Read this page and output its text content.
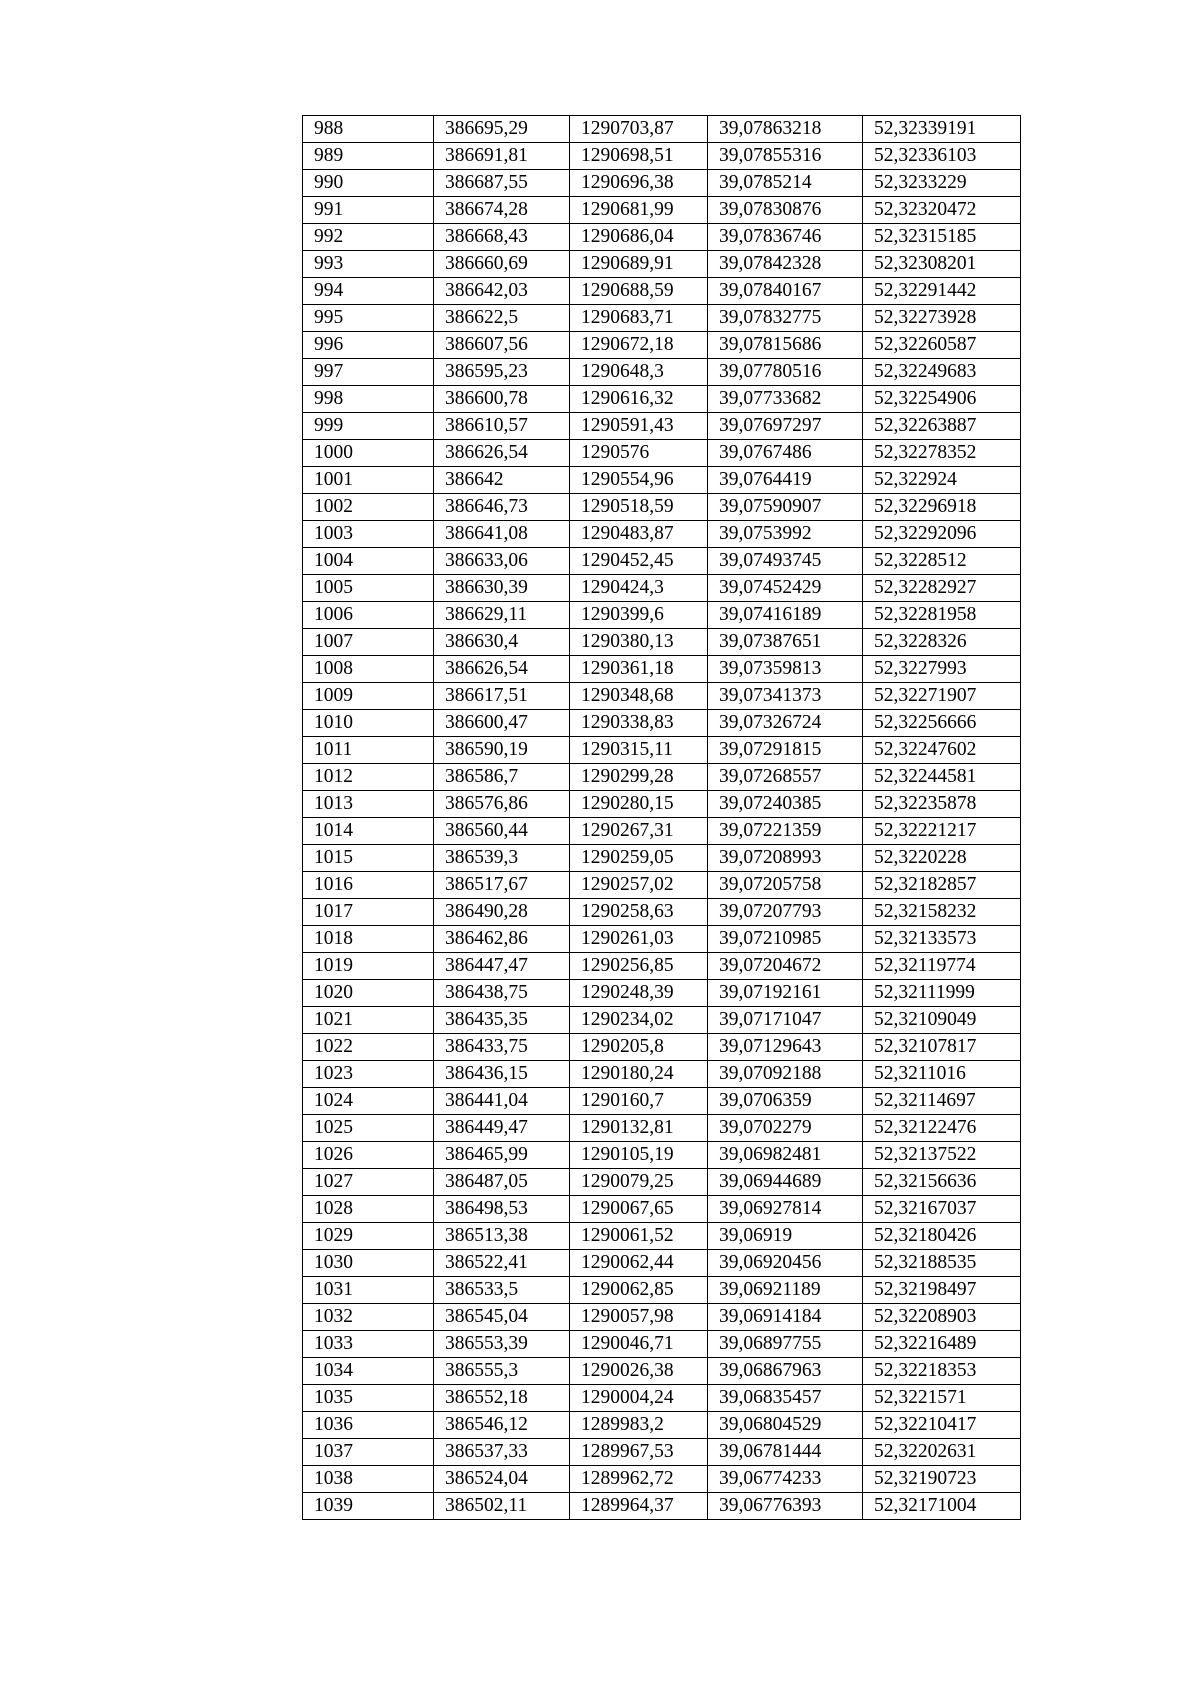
988	386695,29	1290703,87	39,07863218	52,32339191
989	386691,81	1290698,51	39,07855316	52,32336103
990	386687,55	1290696,38	39,0785214	52,3233229
991	386674,28	1290681,99	39,07830876	52,32320472
992	386668,43	1290686,04	39,07836746	52,32315185
993	386660,69	1290689,91	39,07842328	52,32308201
994	386642,03	1290688,59	39,07840167	52,32291442
995	386622,5	1290683,71	39,07832775	52,32273928
996	386607,56	1290672,18	39,07815686	52,32260587
997	386595,23	1290648,3	39,07780516	52,32249683
998	386600,78	1290616,32	39,07733682	52,32254906
999	386610,57	1290591,43	39,07697297	52,32263887
1000	386626,54	1290576	39,0767486	52,32278352
1001	386642	1290554,96	39,0764419	52,322924
1002	386646,73	1290518,59	39,07590907	52,32296918
1003	386641,08	1290483,87	39,0753992	52,32292096
1004	386633,06	1290452,45	39,07493745	52,3228512
1005	386630,39	1290424,3	39,07452429	52,32282927
1006	386629,11	1290399,6	39,07416189	52,32281958
1007	386630,4	1290380,13	39,07387651	52,3228326
1008	386626,54	1290361,18	39,07359813	52,3227993
1009	386617,51	1290348,68	39,07341373	52,32271907
1010	386600,47	1290338,83	39,07326724	52,32256666
1011	386590,19	1290315,11	39,07291815	52,32247602
1012	386586,7	1290299,28	39,07268557	52,32244581
1013	386576,86	1290280,15	39,07240385	52,32235878
1014	386560,44	1290267,31	39,07221359	52,32221217
1015	386539,3	1290259,05	39,07208993	52,3220228
1016	386517,67	1290257,02	39,07205758	52,32182857
1017	386490,28	1290258,63	39,07207793	52,32158232
1018	386462,86	1290261,03	39,07210985	52,32133573
1019	386447,47	1290256,85	39,07204672	52,32119774
1020	386438,75	1290248,39	39,07192161	52,32111999
1021	386435,35	1290234,02	39,07171047	52,32109049
1022	386433,75	1290205,8	39,07129643	52,32107817
1023	386436,15	1290180,24	39,07092188	52,3211016
1024	386441,04	1290160,7	39,0706359	52,32114697
1025	386449,47	1290132,81	39,0702279	52,32122476
1026	386465,99	1290105,19	39,06982481	52,32137522
1027	386487,05	1290079,25	39,06944689	52,32156636
1028	386498,53	1290067,65	39,06927814	52,32167037
1029	386513,38	1290061,52	39,06919	52,32180426
1030	386522,41	1290062,44	39,06920456	52,32188535
1031	386533,5	1290062,85	39,06921189	52,32198497
1032	386545,04	1290057,98	39,06914184	52,32208903
1033	386553,39	1290046,71	39,06897755	52,32216489
1034	386555,3	1290026,38	39,06867963	52,32218353
1035	386552,18	1290004,24	39,06835457	52,3221571
1036	386546,12	1289983,2	39,06804529	52,32210417
1037	386537,33	1289967,53	39,06781444	52,32202631
1038	386524,04	1289962,72	39,06774233	52,32190723
1039	386502,11	1289964,37	39,06776393	52,32171004
